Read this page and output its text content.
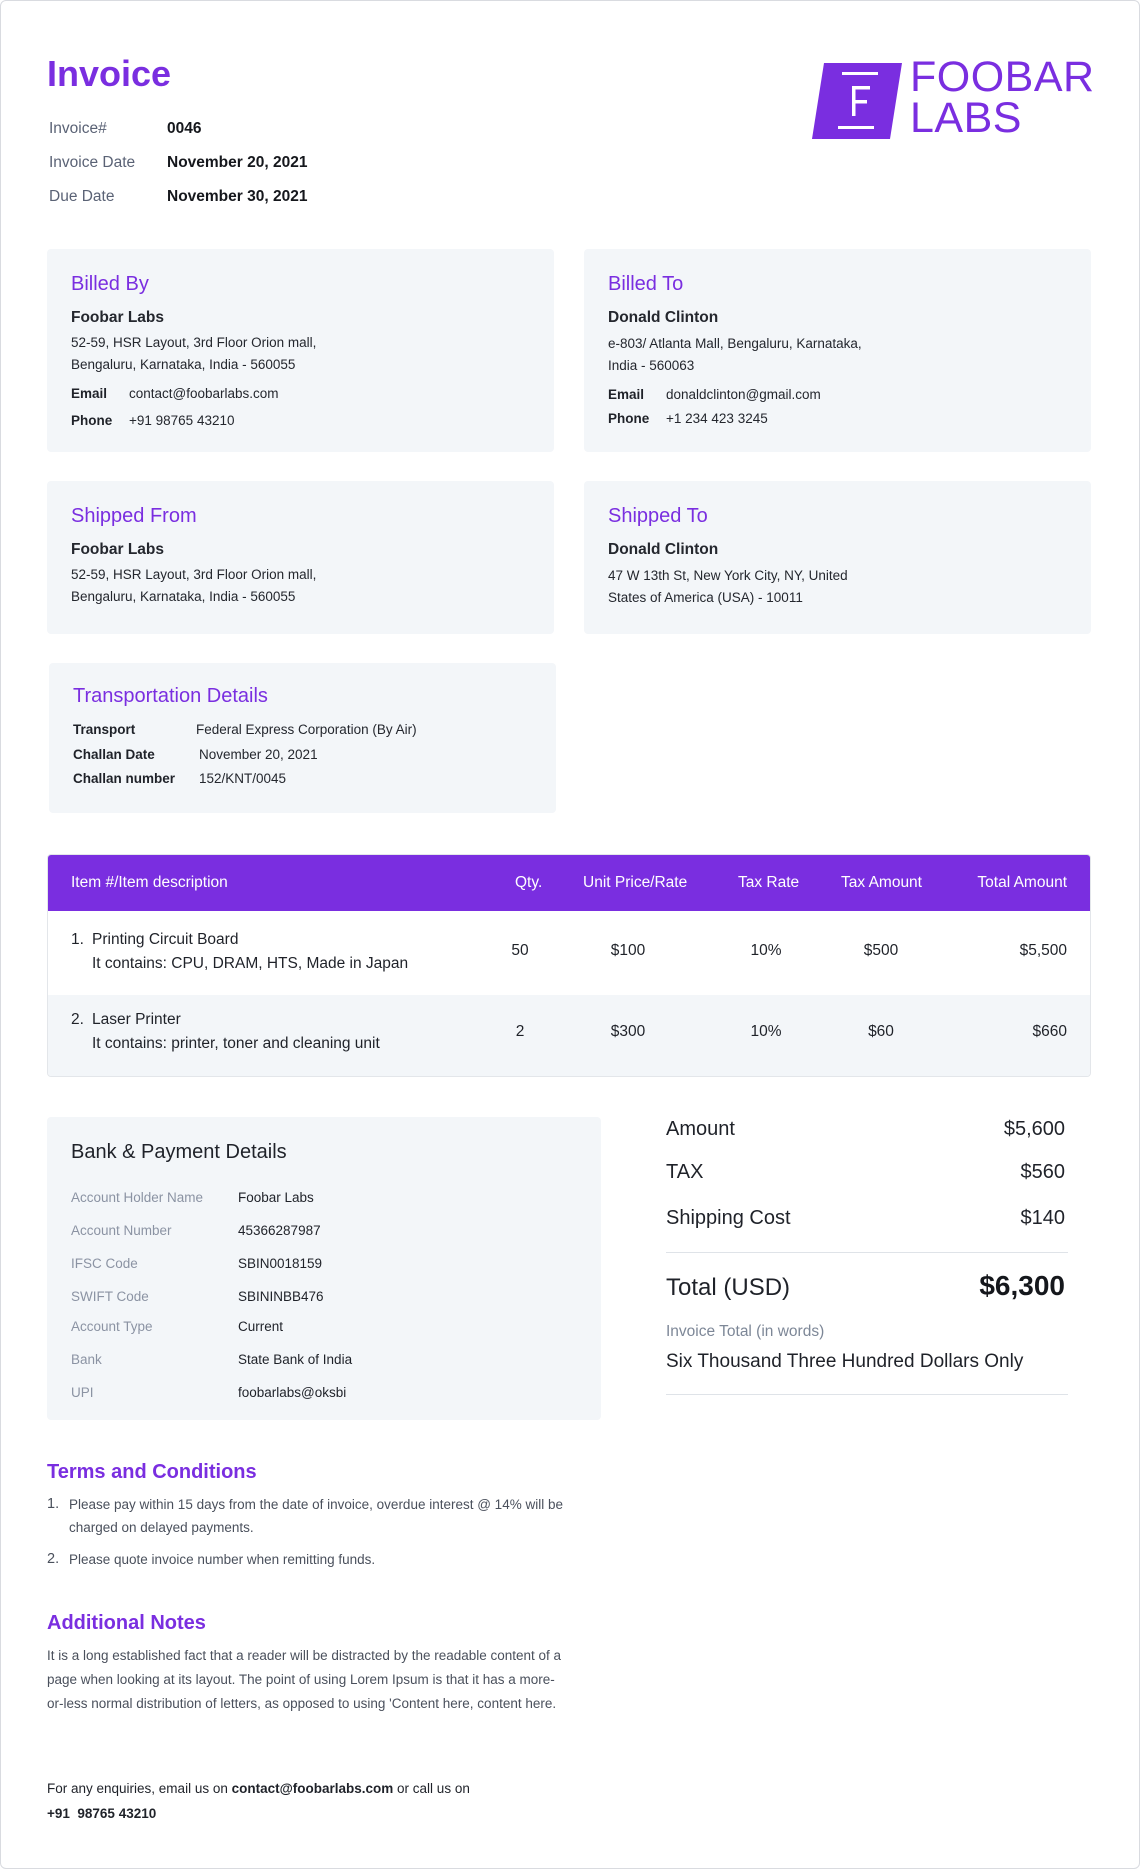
Invoice
Invoice#	0046
Invoice Date November 20, 2021
Due Date	November 30, 2021
FOOBAR
LABS
Billed By
Foobar Labs
52-59, HSR Layout, 3rd Floor Orion mall,
Bengaluru, Karnataka, India - 560055
Email contact@foobarlabs.com
Phone +91 98765 43210
Billed To
Donald Clinton
e-803/ Atlanta Mall, Bengaluru, Karnataka,
India - 560063
Email donaldclinton@gmail.com
Phone +1 234 423 3245
Shipped From
Foobar Labs
52-59, HSR Layout, 3rd Floor Orion mall,
Bengaluru, Karnataka, India - 560055
Shipped To
Donald Clinton
47 W 13th St, New York City, NY, United
States of America (USA) - 10011
Transportation Details
Transport	Federal Express Corporation (By Air)
Challan Date	November 20, 2021
Challan number 152/KNT/0045
Item #/Item description	Qty.	Unit Price/Rate	Tax Rate	Tax Amount	Total Amount
1. Printing Circuit Board
It contains: CPU, DRAM, HTS, Made in Japan
50	$100	10%	$500	$5,500
2. Laser Printer
It contains: printer, toner and cleaning unit
2	$300	10%	$60	$660
Bank & Payment Details
Account Holder Name	Foobar Labs
Account Number	45366287987
IFSC Code	SBIN0018159
SWIFT Code	SBININBB476
Account Type	Current
Bank	State Bank of India
UPI	foobarlabs@oksbi
Amount	$5,600
TAX	$560
Shipping Cost	$140
Total (USD)	$6,300
Invoice Total (in words)
Six Thousand Three Hundred Dollars Only
Terms and Conditions
1. Please pay within 15 days from the date of invoice, overdue interest @ 14% will be charged on delayed payments.
2. Please quote invoice number when remitting funds.
Additional Notes
It is a long established fact that a reader will be distracted by the readable content of a page when looking at its layout. The point of using Lorem Ipsum is that it has a more-or-less normal distribution of letters, as opposed to using 'Content here, content here.
For any enquiries, email us on contact@foobarlabs.com or call us on
+91  98765 43210
